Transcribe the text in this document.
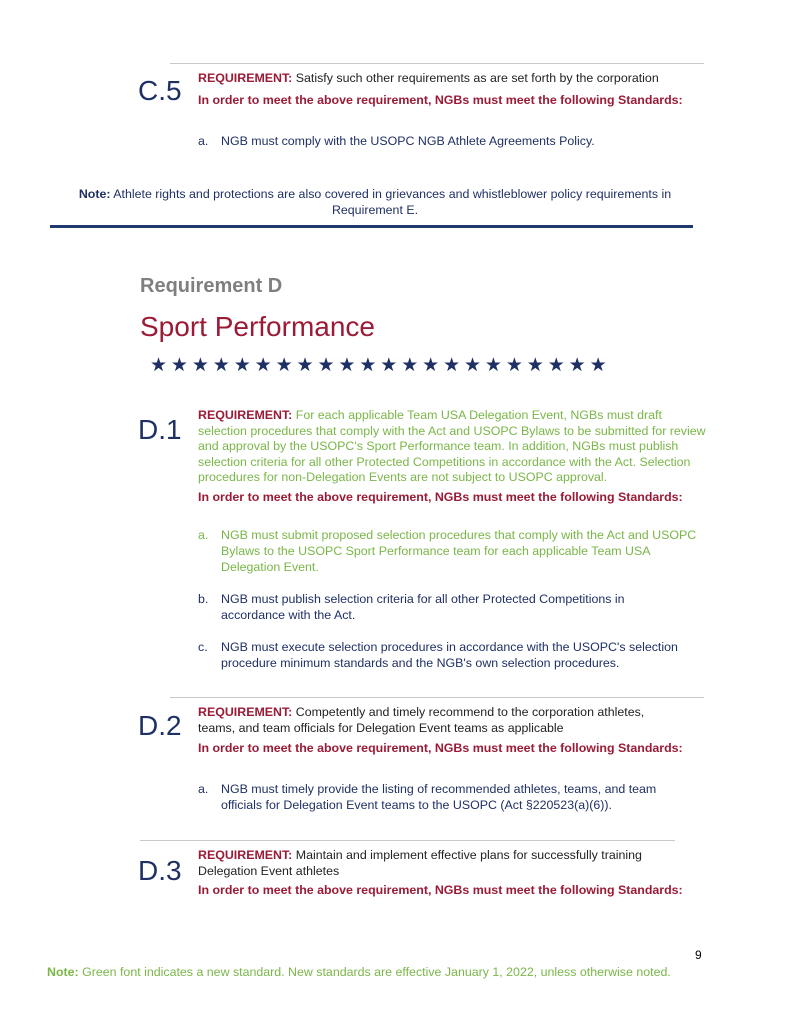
C.5 REQUIREMENT: Satisfy such other requirements as are set forth by the corporation
In order to meet the above requirement, NGBs must meet the following Standards:
a. NGB must comply with the USOPC NGB Athlete Agreements Policy.
Note: Athlete rights and protections are also covered in grievances and whistleblower policy requirements in Requirement E.
Requirement D
Sport Performance
★★★★★★★★★★★★★★★★★★★★★★
D.1 REQUIREMENT: For each applicable Team USA Delegation Event, NGBs must draft selection procedures that comply with the Act and USOPC Bylaws to be submitted for review and approval by the USOPC's Sport Performance team. In addition, NGBs must publish selection criteria for all other Protected Competitions in accordance with the Act. Selection procedures for non-Delegation Events are not subject to USOPC approval.
In order to meet the above requirement, NGBs must meet the following Standards:
a. NGB must submit proposed selection procedures that comply with the Act and USOPC Bylaws to the USOPC Sport Performance team for each applicable Team USA Delegation Event.
b. NGB must publish selection criteria for all other Protected Competitions in accordance with the Act.
c. NGB must execute selection procedures in accordance with the USOPC's selection procedure minimum standards and the NGB's own selection procedures.
D.2 REQUIREMENT: Competently and timely recommend to the corporation athletes, teams, and team officials for Delegation Event teams as applicable
In order to meet the above requirement, NGBs must meet the following Standards:
a. NGB must timely provide the listing of recommended athletes, teams, and team officials for Delegation Event teams to the USOPC (Act §220523(a)(6)).
D.3 REQUIREMENT: Maintain and implement effective plans for successfully training Delegation Event athletes
In order to meet the above requirement, NGBs must meet the following Standards:
9
Note: Green font indicates a new standard. New standards are effective January 1, 2022, unless otherwise noted.
